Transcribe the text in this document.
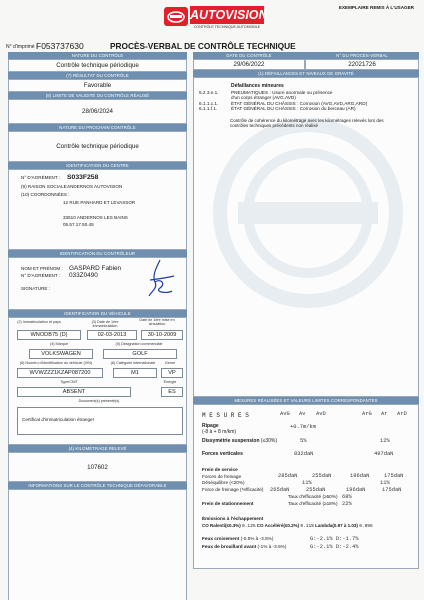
AUTOVISION
CONTRÔLE TECHNIQUE AUTOMOBILE
EXEMPLAIRE REMIS À L'USAGER
N° d'imprimé :
F053737630	PROCÈS-VERBAL DE CONTRÔLE TECHNIQUE
NATURE DU CONTRÔLE
Contrôle technique périodique
(7) RÉSULTAT DU CONTRÔLE
Favorable
(8) LIMITE DE VALIDITÉ DU CONTRÔLE RÉALISÉ
28/06/2024
NATURE DU PROCHAIN CONTRÔLE
Contrôle technique périodique
IDENTIFICATION DU CENTRE
N° D'AGRÉMENT : S033F258
(9) RAISON SOCIALE :
ANDERNOS AUTOVISION
(10) COORDONNÉES :
12 RUE PANHARD ET LEVASSOR
33510 ANDERNOS LES BAINS
05.57.17.50.45
IDENTIFICATION DU CONTRÔLEUR
NOM ET PRÉNOM : GASPARD Fabien
N° D'AGRÉMENT : 033Z0490
SIGNATURE :
IDENTIFICATION DU VÉHICULE
(2) Immatriculation et pays	(3) Date de 1ère immatriculation
Date de 1ère mise en circulation
WNODB75 (D)	02-03-2013	30-10-2009
(4) Marque	(5) Désignation commerciale
VOLKSWAGEN	GOLF
(6) Numéro d'identification du véhicule (VIN)	(6) Catégorie internationale	Genre
WVWZZZ1KZAP087200	M1	VP
Type/CNIT	Énergie
ABSENT	ES
Document(s) présenté(s)
Certificat d'immatriculation étranger
(4) KILOMÉTRAGE RELEVÉ
107602
INFORMATIONS SUR LE CONTRÔLE TECHNIQUE DÉFAVORABLE
DATE DU CONTRÔLE
29/06/2022
N° DU PROCÈS-VERBAL
22021726
(1) DÉFAILLANCES ET NIVEAUX DE GRAVITÉ
Défaillances mineures
5.2.3.e.1.	PNEUMATIQUES : Usure anormale ou présence d'un corps étranger (AVG,AVD)
6.1.1.c.1.	ÉTAT GÉNÉRAL DU CHÂSSIS : Corrosion (AVG,AVD,ARG,ARD)
6.1.1.f.1.	ÉTAT GÉNÉRAL DU CHÂSSIS : Corrosion du berceau (AR)
Contrôle de cohérence du kilométrage avec les kilométrages relevés lors des contrôles techniques précédents non réalisé
MESURES RÉALISÉES ET VALEURS LIMITES CORRESPONDANTES
M E S U R E S	AvG Av AvD	ArG Ar ArD
Ripage
(-8 à + 8 m/km)
+0.7m/km
Dissymétrie suspension (≤30%)	5%	12%
Forces verticales	832daN	497daN
Frein de service
Forces de freinage	285daN	255daN	196daN	175daN
Déséquilibre (<20%)	11%	11%
Force de freinage (*efficacité) 265daN	255daN	196daN	175daN
Taux d'efficacité (≥50%) 68%
Frein de stationnement	Taux d'efficacité (≥18%) 22%
Émissions à l'échappement
CO Ralenti(≤0.3%) 0.12% CO Accéléré(≤0.2%) 0.11% Lambda(0.97 à 1.03) 0.996
Feux croisement (-0.5% à -3.5%)	G:-2.1% D:-1.7%
Feux de brouillard avant (-1% à -3.5%)	G:-2.1% D:-2.4%
